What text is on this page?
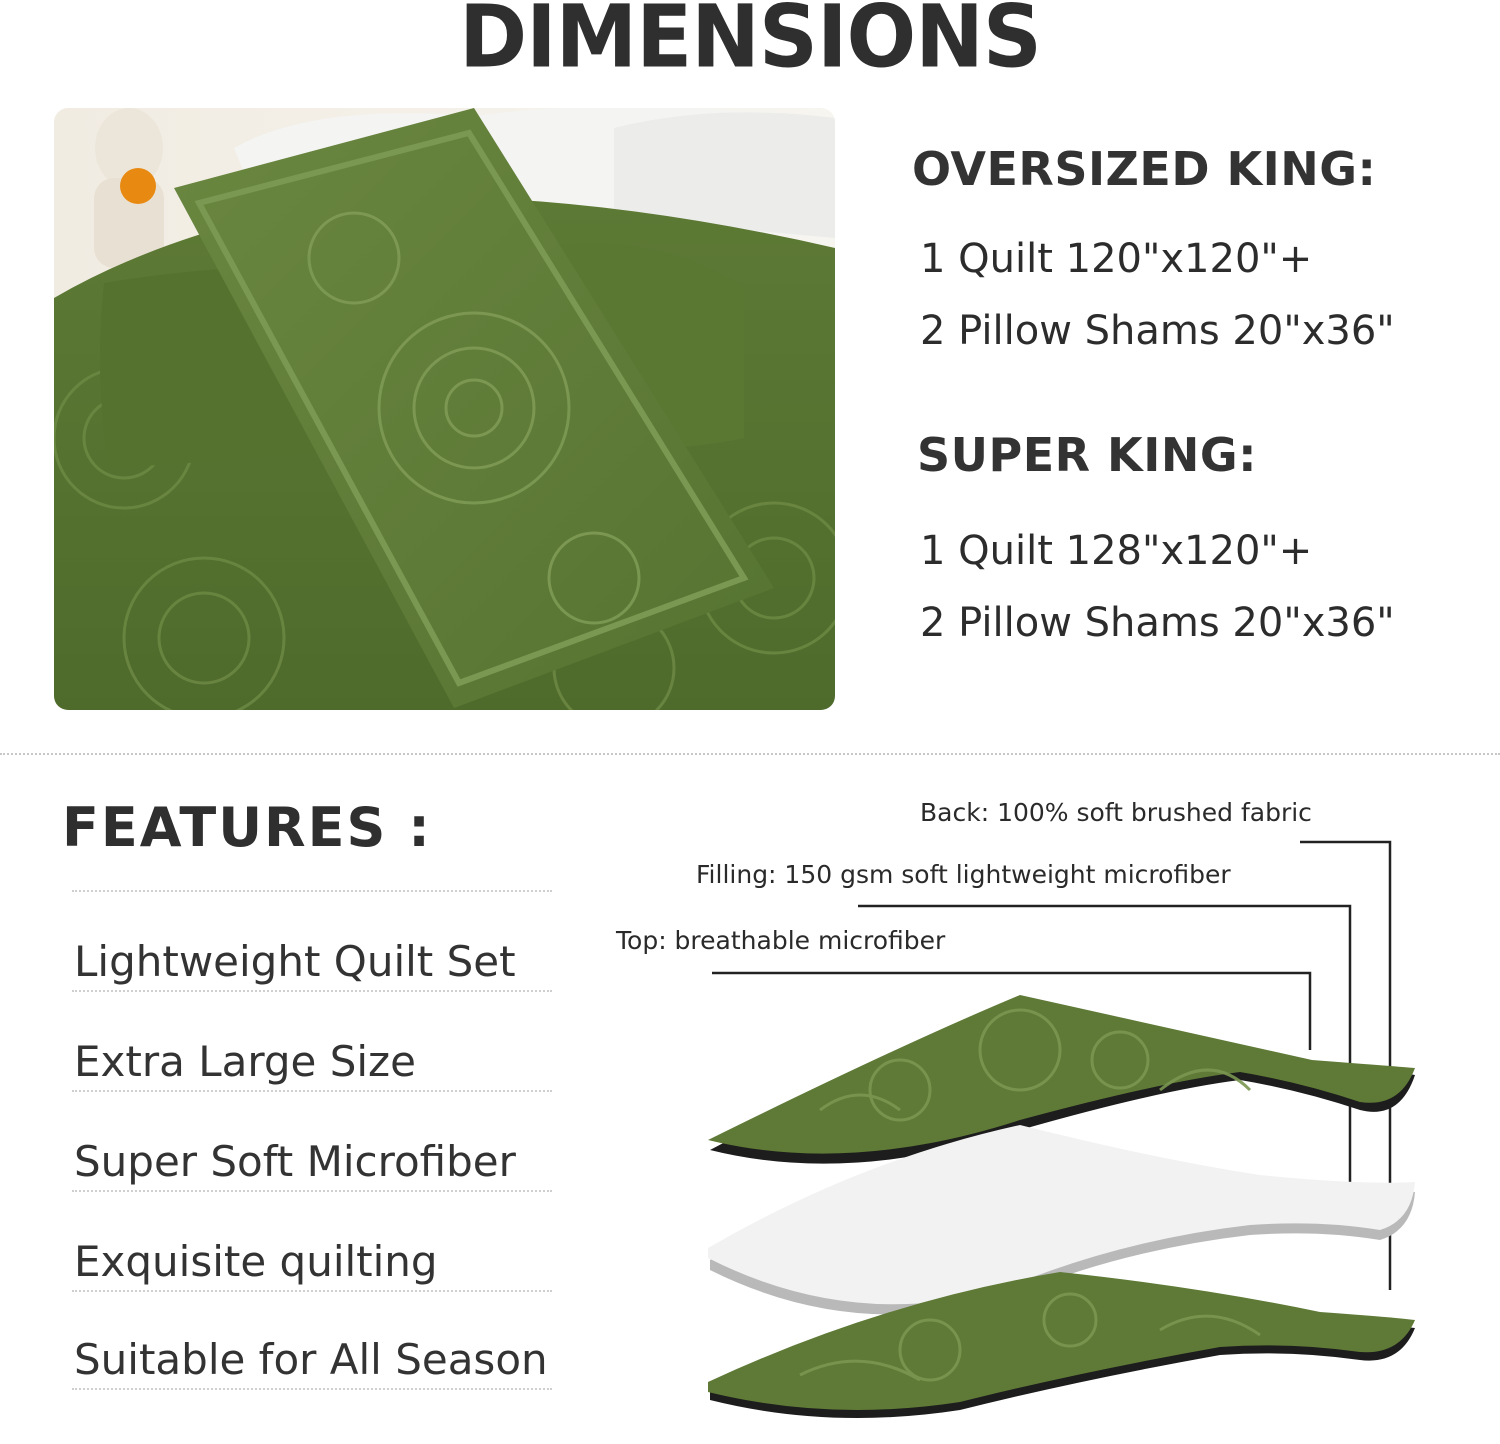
DIMENSIONS
OVERSIZED KING:
1 Quilt 120"x120"+
2 Pillow Shams 20"x36"
SUPER KING:
1 Quilt 128"x120"+
2 Pillow Shams 20"x36"
FEATURES :
Lightweight Quilt Set
Extra Large Size
Super Soft Microfiber
Exquisite quilting
Suitable for All Season
Back: 100% soft brushed fabric
Filling: 150 gsm soft lightweight microfiber
Top: breathable microfiber
